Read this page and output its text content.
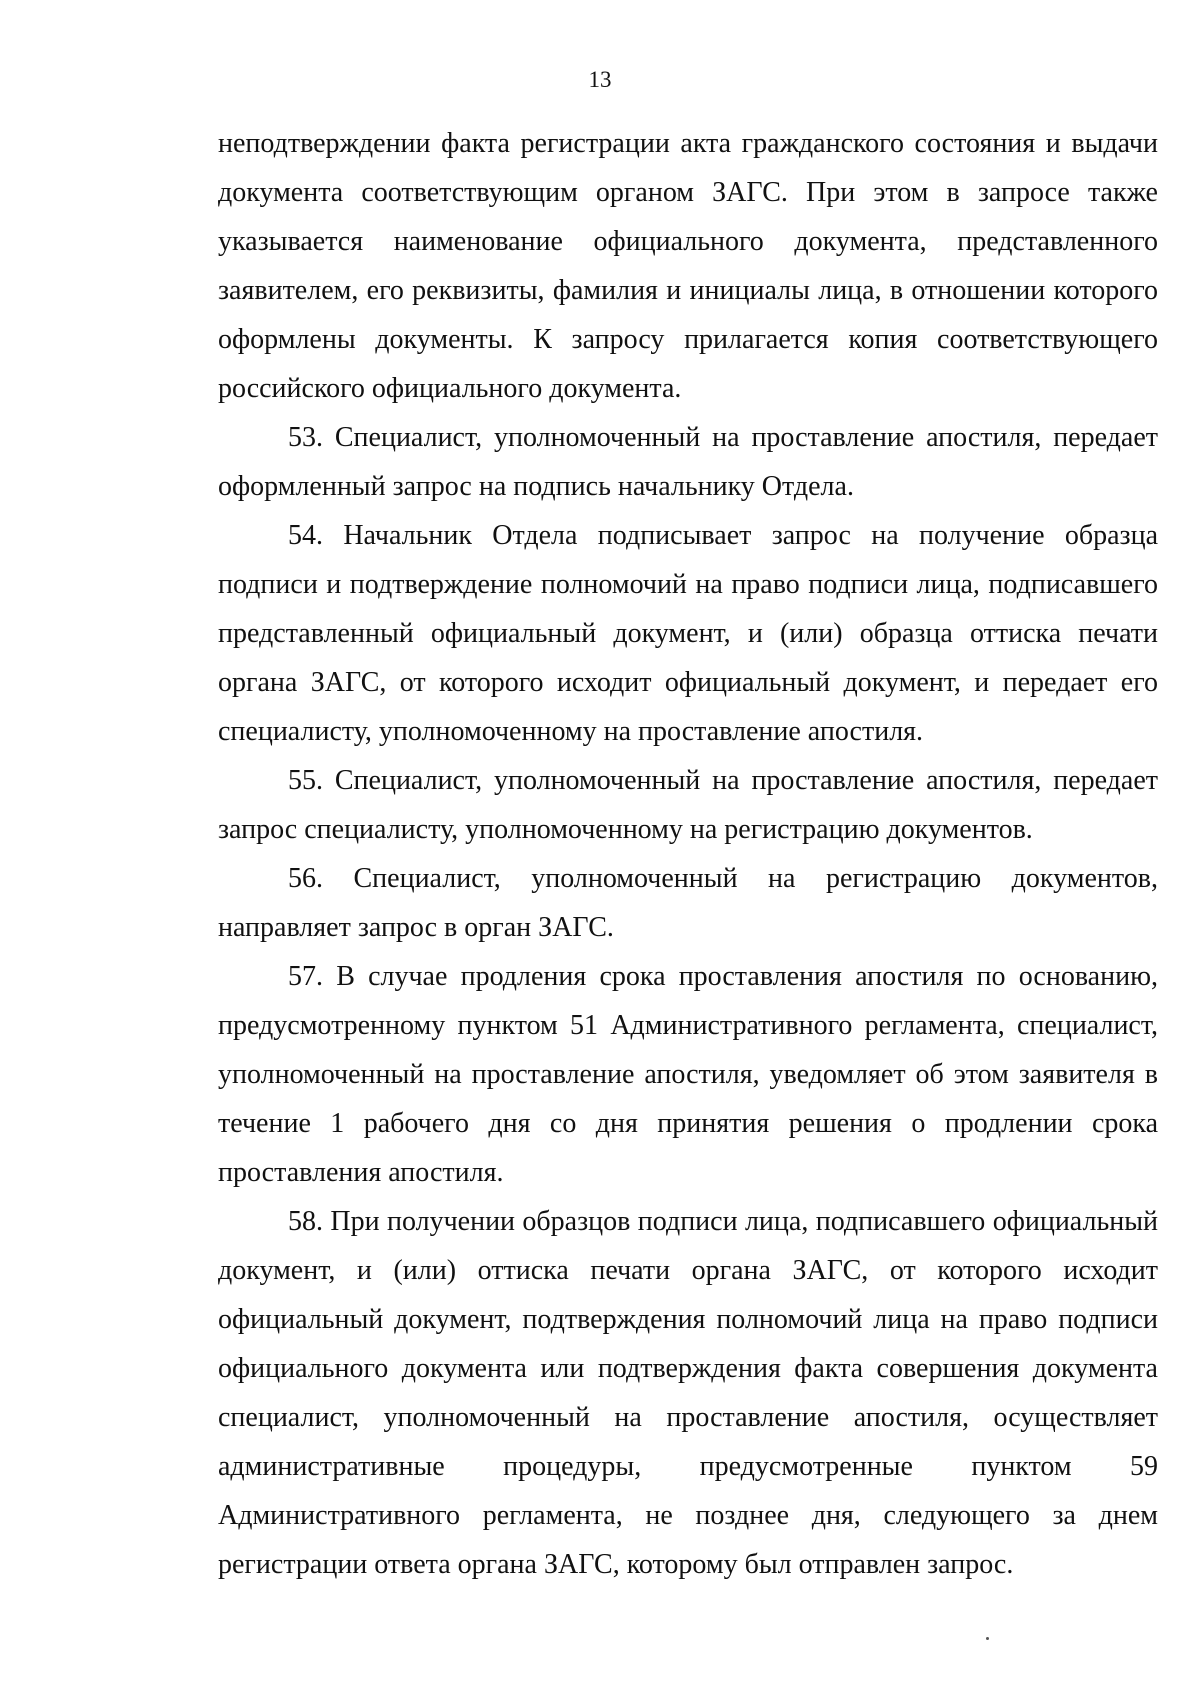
13

неподтверждении факта регистрации акта гражданского состояния и выдачи документа соответствующим органом ЗАГС. При этом в запросе также указывается наименование официального документа, представленного заявителем, его реквизиты, фамилия и инициалы лица, в отношении которого оформлены документы. К запросу прилагается копия соответствующего российского официального документа.

53. Специалист, уполномоченный на проставление апостиля, передает оформленный запрос на подпись начальнику Отдела.

54. Начальник Отдела подписывает запрос на получение образца подписи и подтверждение полномочий на право подписи лица, подписавшего представленный официальный документ, и (или) образца оттиска печати органа ЗАГС, от которого исходит официальный документ, и передает его специалисту, уполномоченному на проставление апостиля.

55. Специалист, уполномоченный на проставление апостиля, передает запрос специалисту, уполномоченному на регистрацию документов.

56. Специалист, уполномоченный на регистрацию документов, направляет запрос в орган ЗАГС.

57. В случае продления срока проставления апостиля по основанию, предусмотренному пунктом 51 Административного регламента, специалист, уполномоченный на проставление апостиля, уведомляет об этом заявителя в течение 1 рабочего дня со дня принятия решения о продлении срока проставления апостиля.

58. При получении образцов подписи лица, подписавшего официальный документ, и (или) оттиска печати органа ЗАГС, от которого исходит официальный документ, подтверждения полномочий лица на право подписи официального документа или подтверждения факта совершения документа специалист, уполномоченный на проставление апостиля, осуществляет административные процедуры, предусмотренные пунктом 59 Административного регламента, не позднее дня, следующего за днем регистрации ответа органа ЗАГС, которому был отправлен запрос.
